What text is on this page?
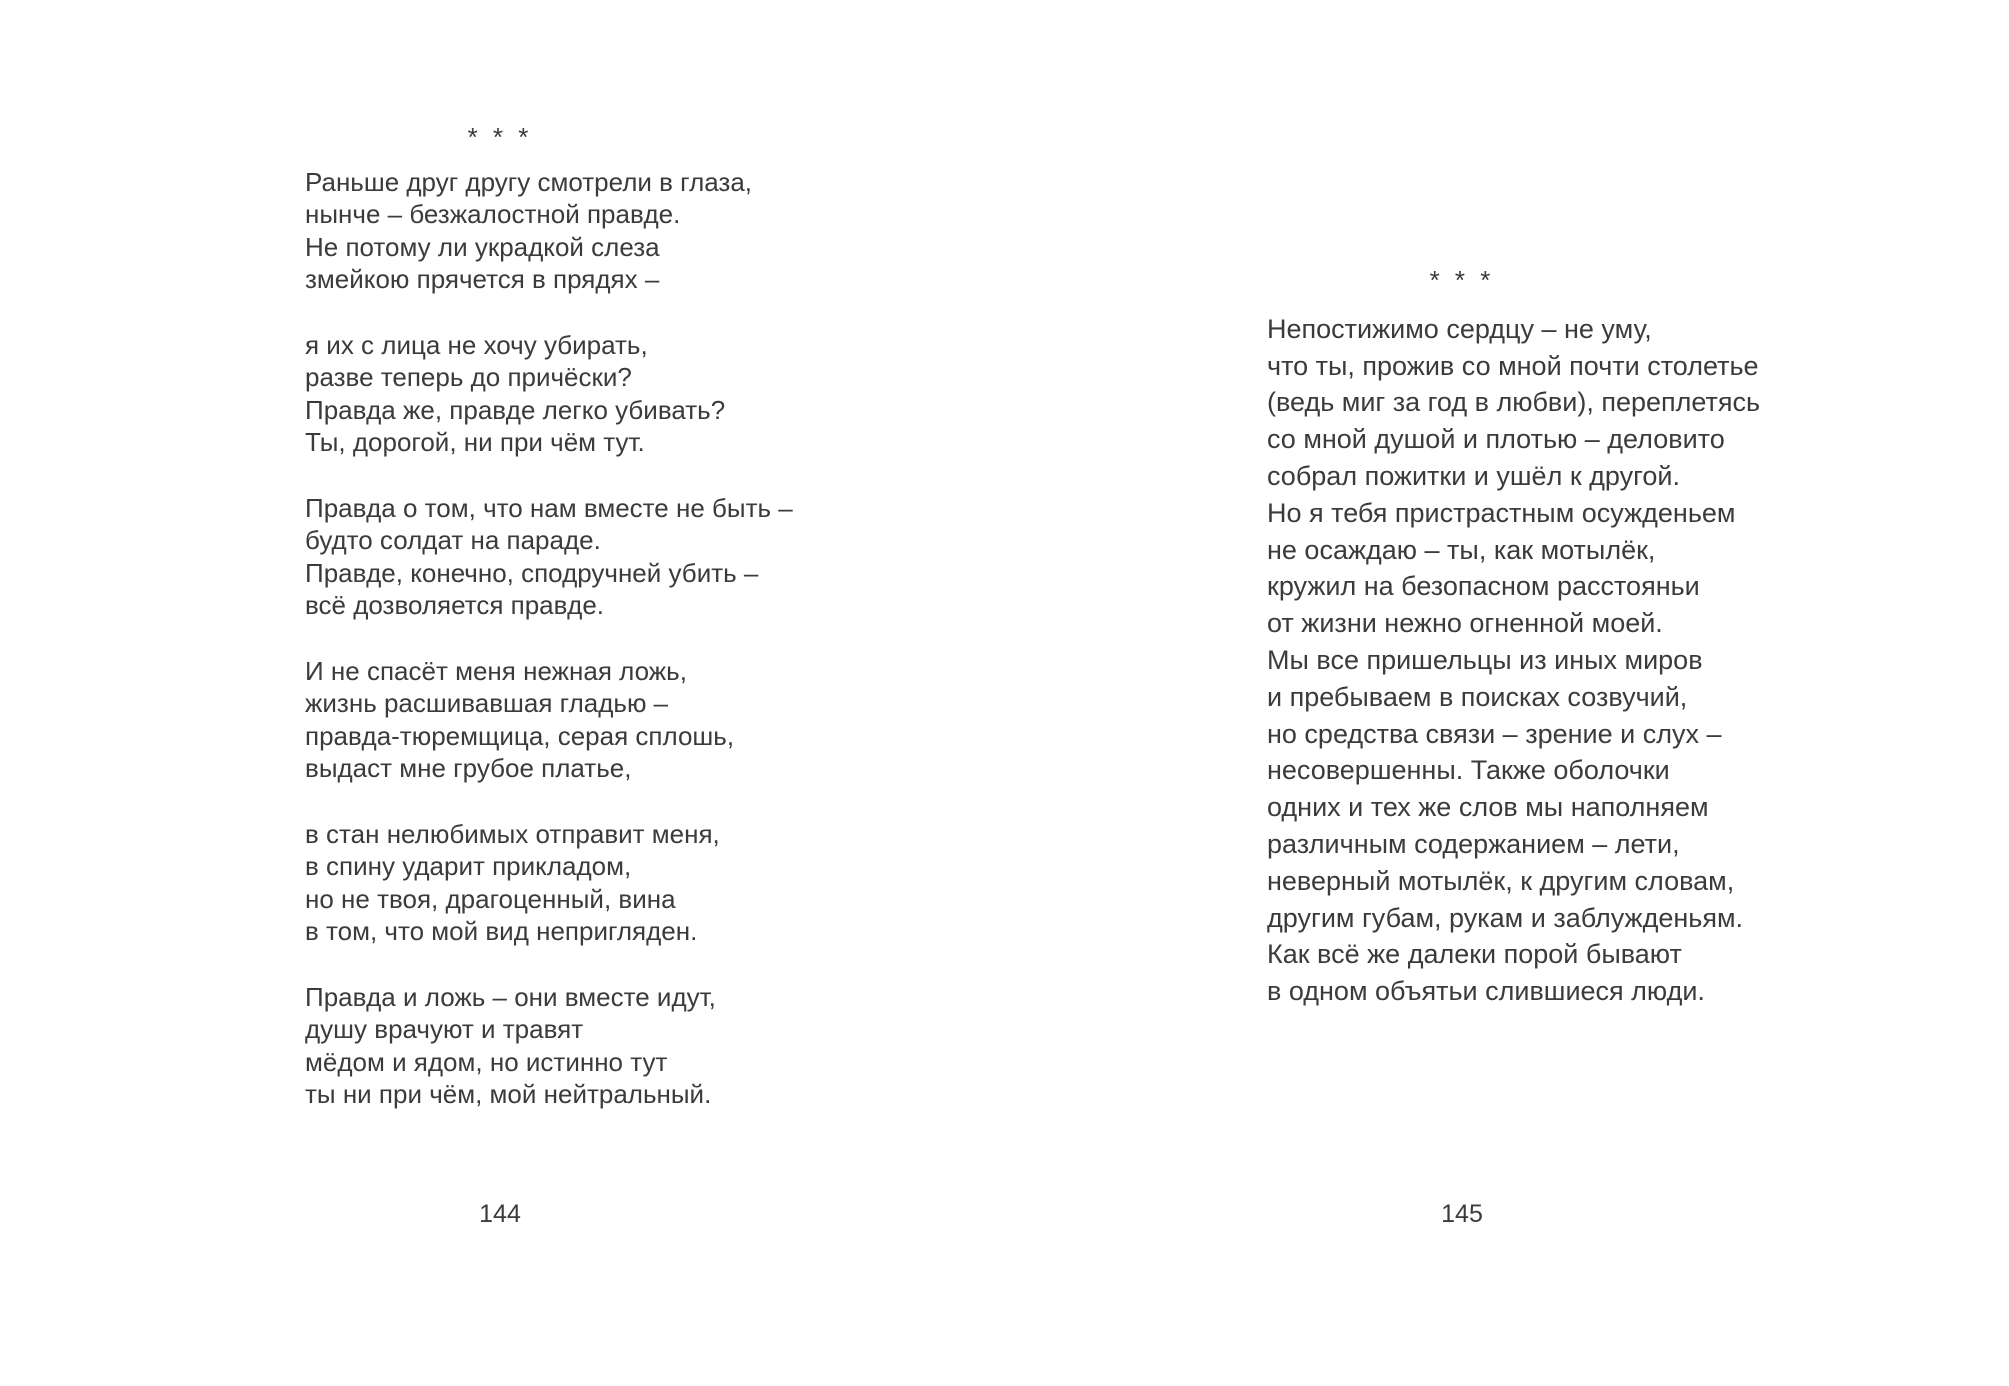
* * *
Раньше друг другу смотрели в глаза,
нынче – безжалостной правде.
Не потому ли украдкой слеза
змейкою прячется в прядях –
я их с лица не хочу убирать,
разве теперь до причёски?
Правда же, правде легко убивать?
Ты, дорогой, ни при чём тут.
Правда о том, что нам вместе не быть –
будто солдат на параде.
Правде, конечно, сподручней убить –
всё дозволяется правде.
И не спасёт меня нежная ложь,
жизнь расшивавшая гладью –
правда-тюремщица, серая сплошь,
выдаст мне грубое платье,
в стан нелюбимых отправит меня,
в спину ударит прикладом,
но не твоя, драгоценный, вина
в том, что мой вид непригляден.
Правда и ложь – они вместе идут,
душу врачуют и травят
мёдом и ядом, но истинно тут
ты ни при чём, мой нейтральный.
* * *
Непостижимо сердцу – не уму,
что ты, прожив со мной почти столетье
(ведь миг за год в любви), переплетясь
со мной душой и плотью – деловито
собрал пожитки и ушёл к другой.
Но я тебя пристрастным осужденьем
не осаждаю – ты, как мотылёк,
кружил на безопасном расстояньи
от жизни нежно огненной моей.
Мы все пришельцы из иных миров
и пребываем в поисках созвучий,
но средства связи – зрение и слух –
несовершенны. Также оболочки
одних и тех же слов мы наполняем
различным содержанием – лети,
неверный мотылёк, к другим словам,
другим губам, рукам и заблужденьям.
Как всё же далеки порой бывают
в одном объятьи слившиеся люди.
144	145
